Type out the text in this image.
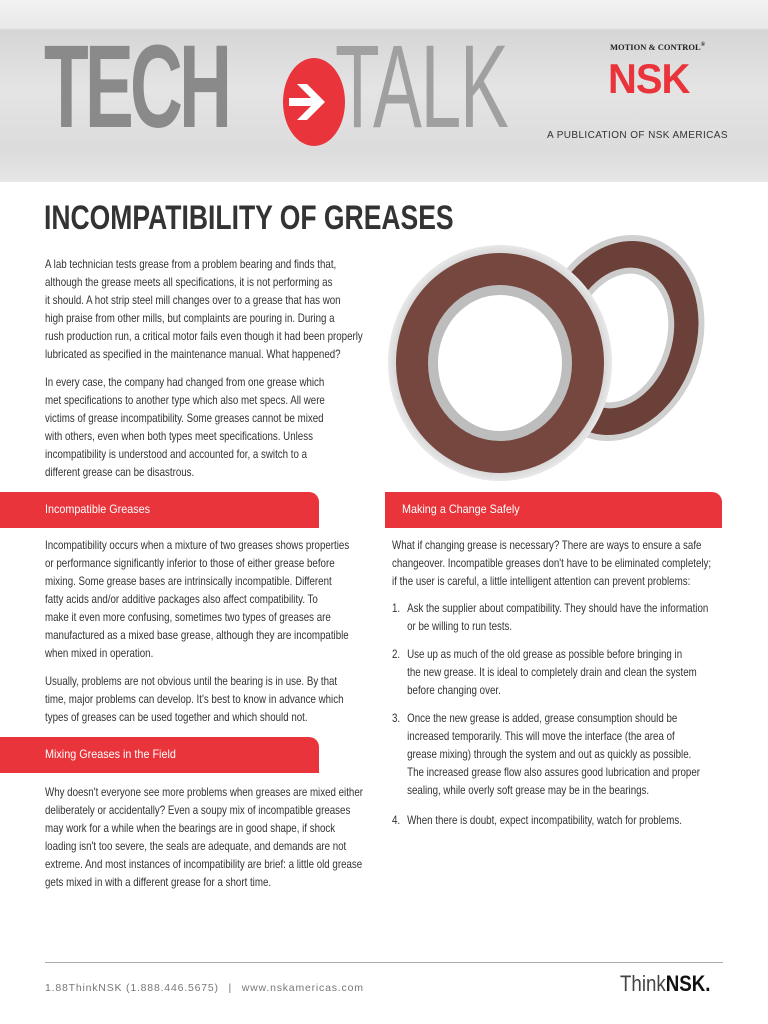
TECH TALK	MOTION & CONTROL®
NSK
A PUBLICATION OF NSK AMERICAS
INCOMPATIBILITY OF GREASES
A lab technician tests grease from a problem bearing and finds that,
although the grease meets all specifications, it is not performing as
it should. A hot strip steel mill changes over to a grease that has won
high praise from other mills, but complaints are pouring in. During a
rush production run, a critical motor fails even though it had been properly
lubricated as specified in the maintenance manual. What happened?
In every case, the company had changed from one grease which
met specifications to another type which also met specs. All were
victims of grease incompatibility. Some greases cannot be mixed
with others, even when both types meet specifications. Unless
incompatibility is understood and accounted for, a switch to a
different grease can be disastrous.
Incompatible Greases	Making a Change Safely
Incompatibility occurs when a mixture of two greases shows properties
or performance significantly inferior to those of either grease before
mixing. Some grease bases are intrinsically incompatible. Different
fatty acids and/or additive packages also affect compatibility. To
make it even more confusing, sometimes two types of greases are
manufactured as a mixed base grease, although they are incompatible
when mixed in operation.
Usually, problems are not obvious until the bearing is in use. By that
time, major problems can develop. It's best to know in advance which
types of greases can be used together and which should not.
Mixing Greases in the Field
Why doesn't everyone see more problems when greases are mixed either
deliberately or accidentally? Even a soupy mix of incompatible greases
may work for a while when the bearings are in good shape, if shock
loading isn't too severe, the seals are adequate, and demands are not
extreme. And most instances of incompatibility are brief: a little old grease
gets mixed in with a different grease for a short time.
What if changing grease is necessary? There are ways to ensure a safe
changeover. Incompatible greases don't have to be eliminated completely;
if the user is careful, a little intelligent attention can prevent problems:
1. Ask the supplier about compatibility. They should have the information
or be willing to run tests.
2. Use up as much of the old grease as possible before bringing in
the new grease. It is ideal to completely drain and clean the system
before changing over.
3. Once the new grease is added, grease consumption should be
increased temporarily. This will move the interface (the area of
grease mixing) through the system and out as quickly as possible.
The increased grease flow also assures good lubrication and proper
sealing, while overly soft grease may be in the bearings.
4. When there is doubt, expect incompatibility, watch for problems.
1.88ThinkNSK (1.888.446.5675) | www.nskamericas.com	ThinkNSK.
